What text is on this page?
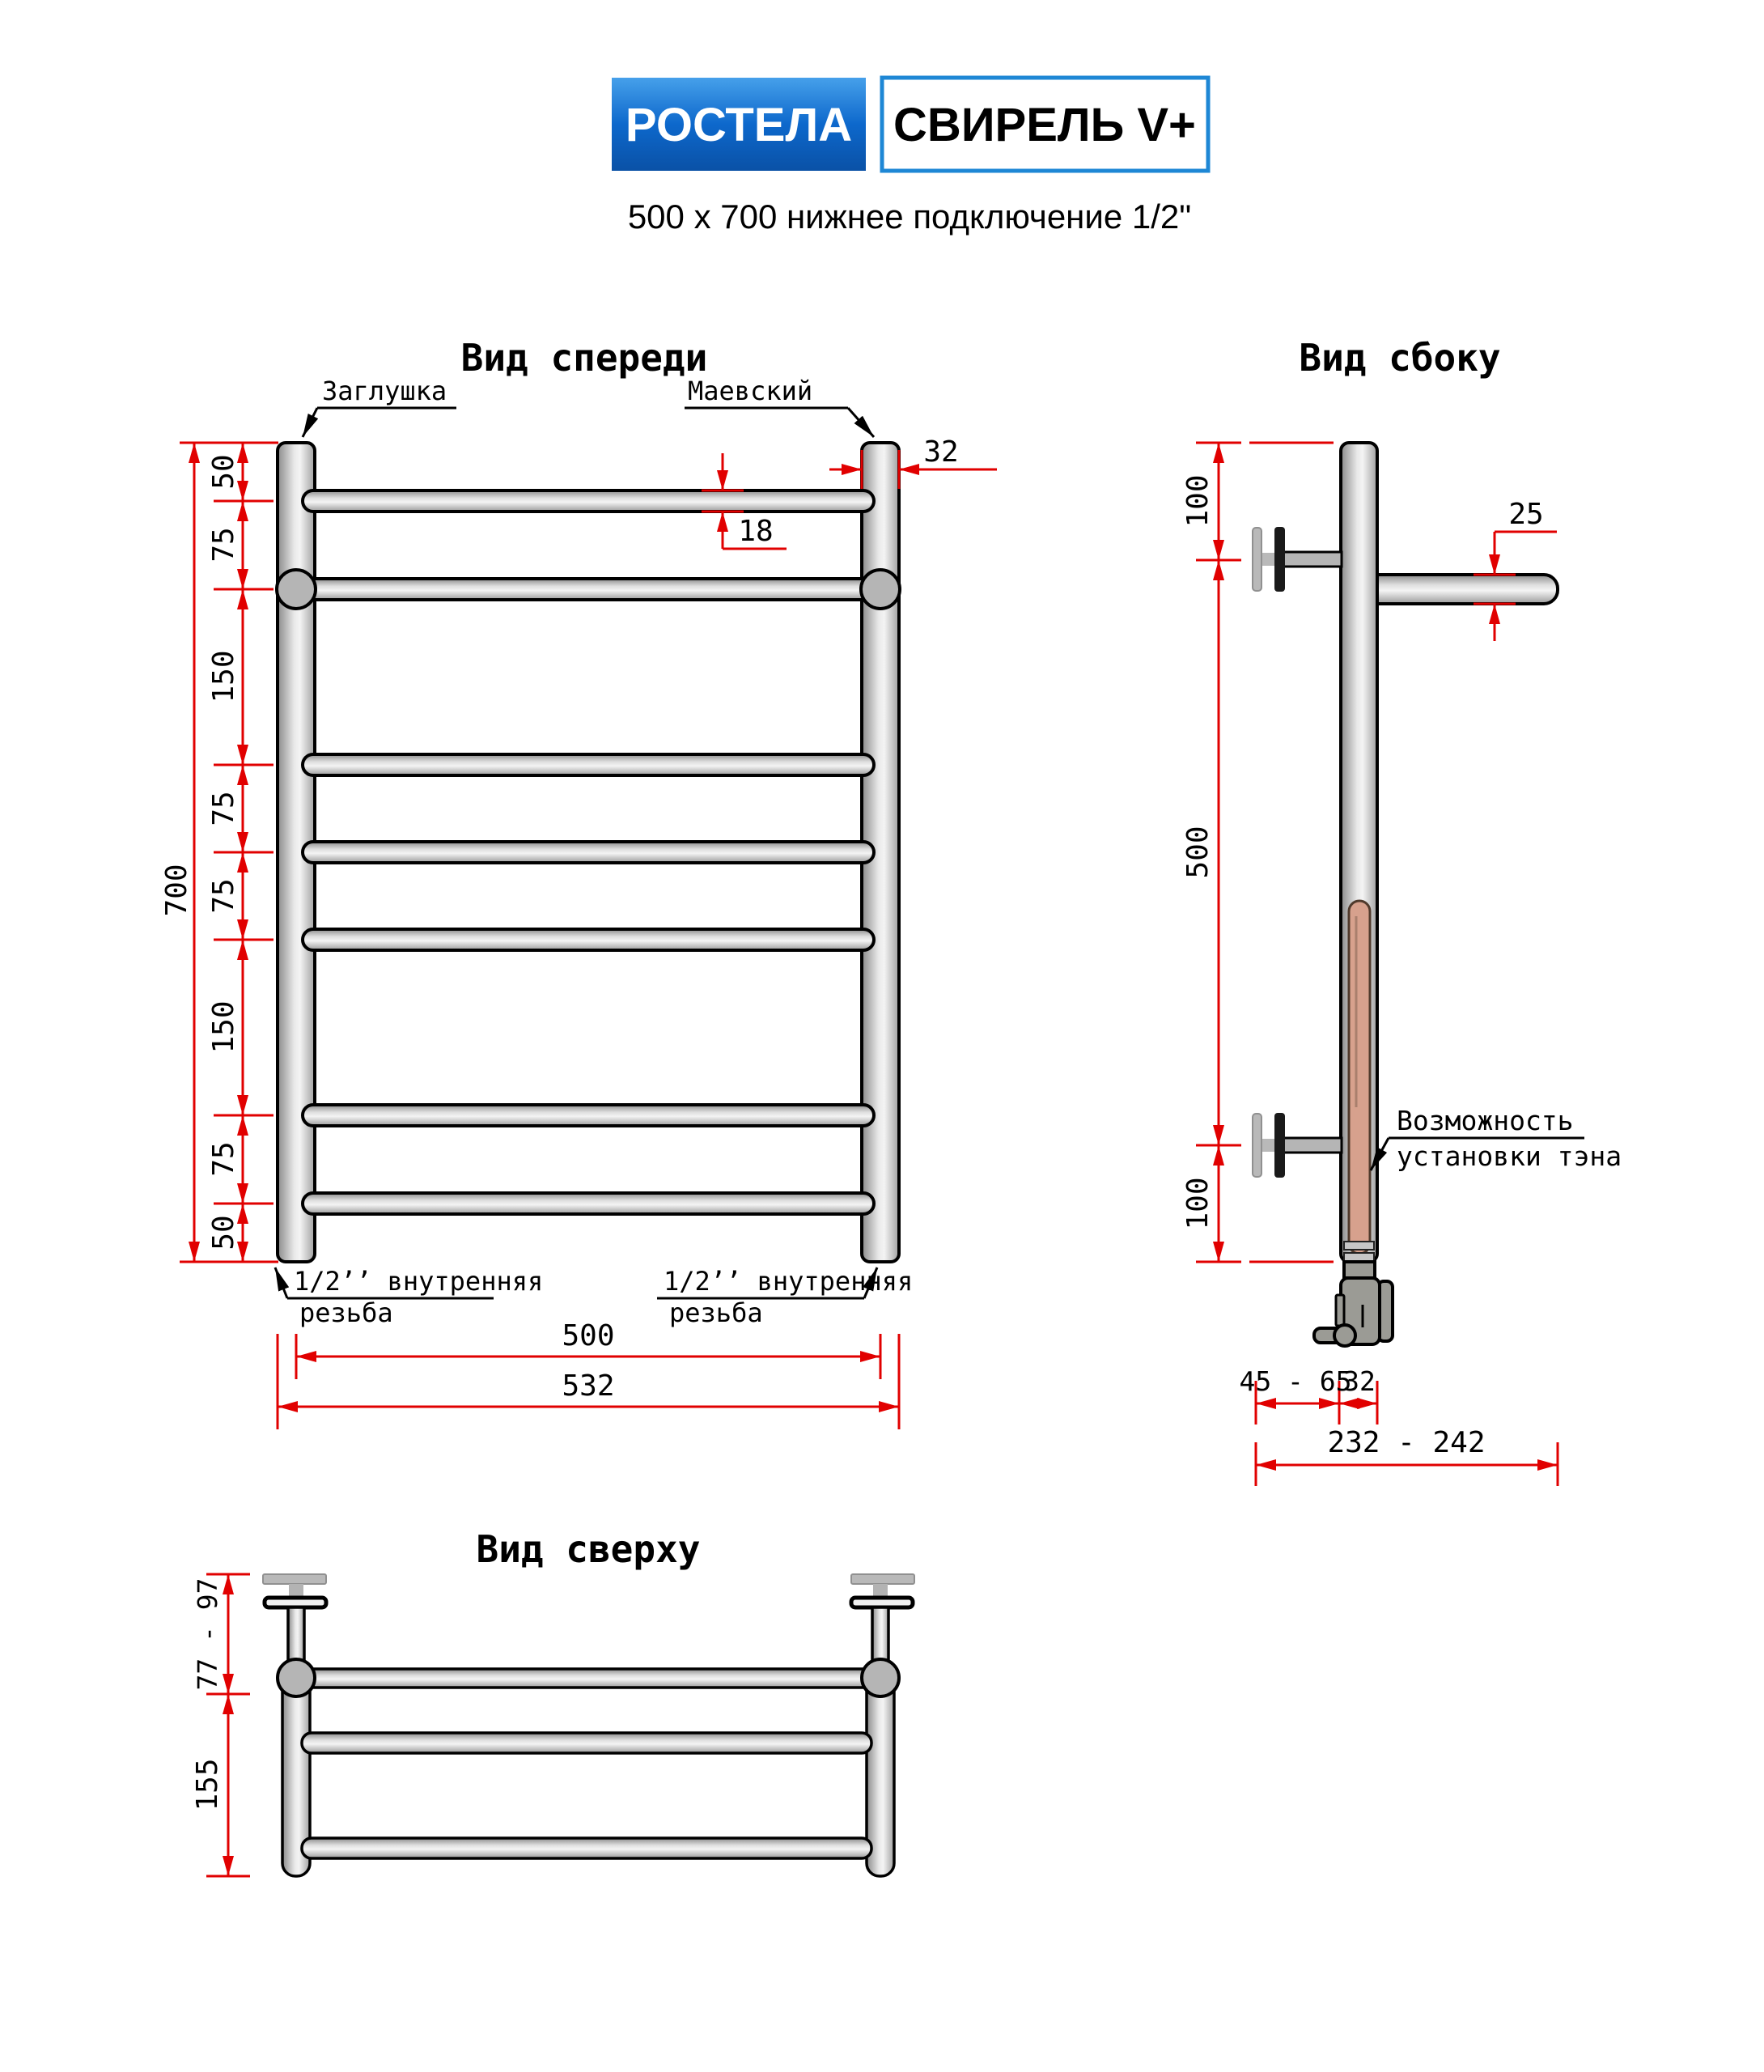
РОСТЕЛА СВИРЕЛЬ V+
500 x 700 нижнее подключение 1/2"
Вид спереди
50
75
150
75
75
150
75
50
700
Заглушка	Маевский
32
18
1/2’’ внутренняя
резьба
1/2’’ внутренняя
резьба
500
532
Вид сбоку
100
500
100
25
Возможность
установки тэна
45 - 65
32
232 - 242
Вид сверху
77 - 97
155
